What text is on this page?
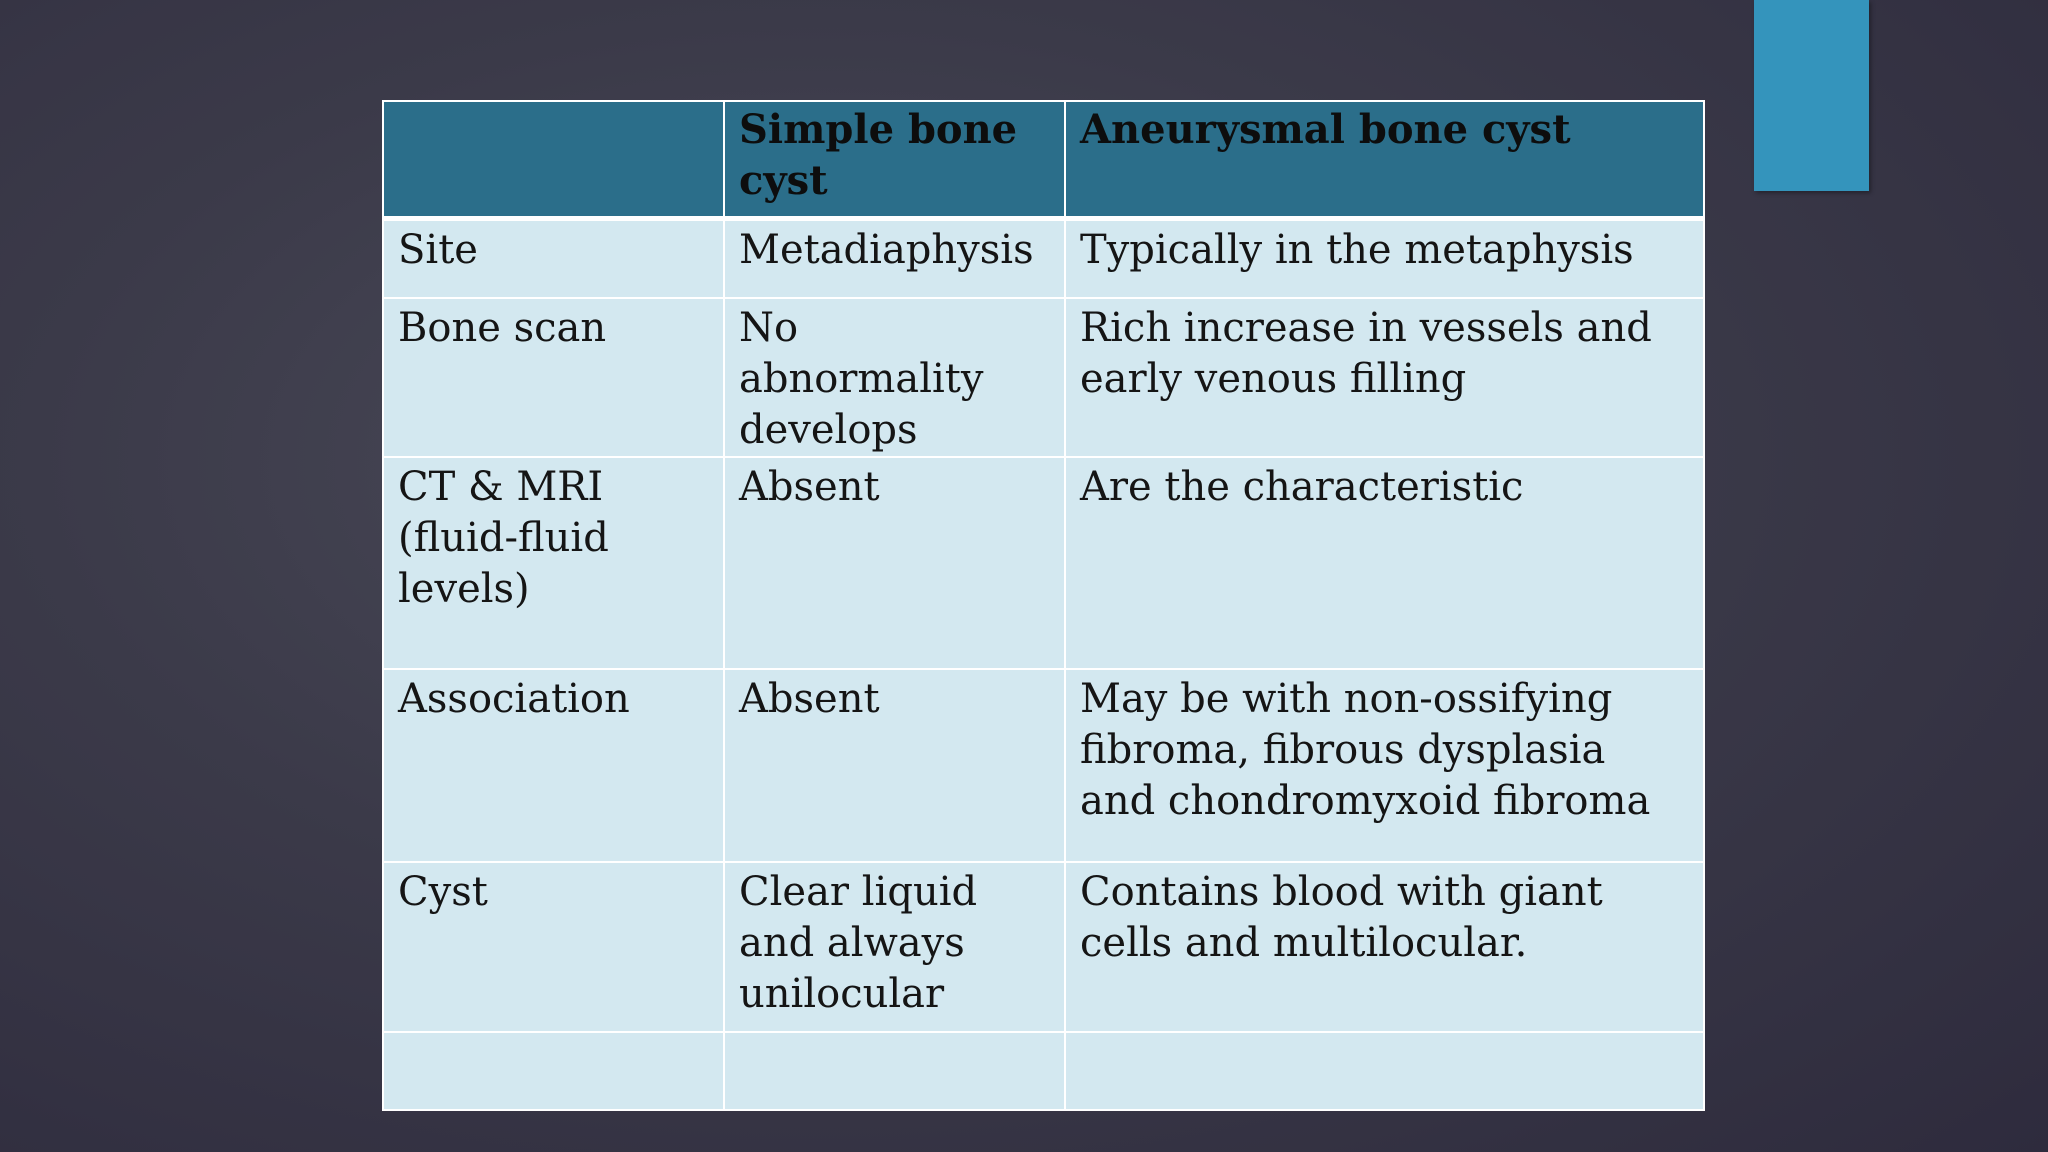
	Simple bone cyst	Aneurysmal bone cyst
Site	Metadiaphysis	Typically in the metaphysis
Bone scan	No abnormality develops	Rich increase in vessels and early venous filling
CT & MRI (fluid-fluid levels)	Absent	Are the characteristic
Association	Absent	May be with non-ossifying fibroma, fibrous dysplasia and chondromyxoid fibroma
Cyst	Clear liquid and always unilocular	Contains blood with giant cells and multilocular.
